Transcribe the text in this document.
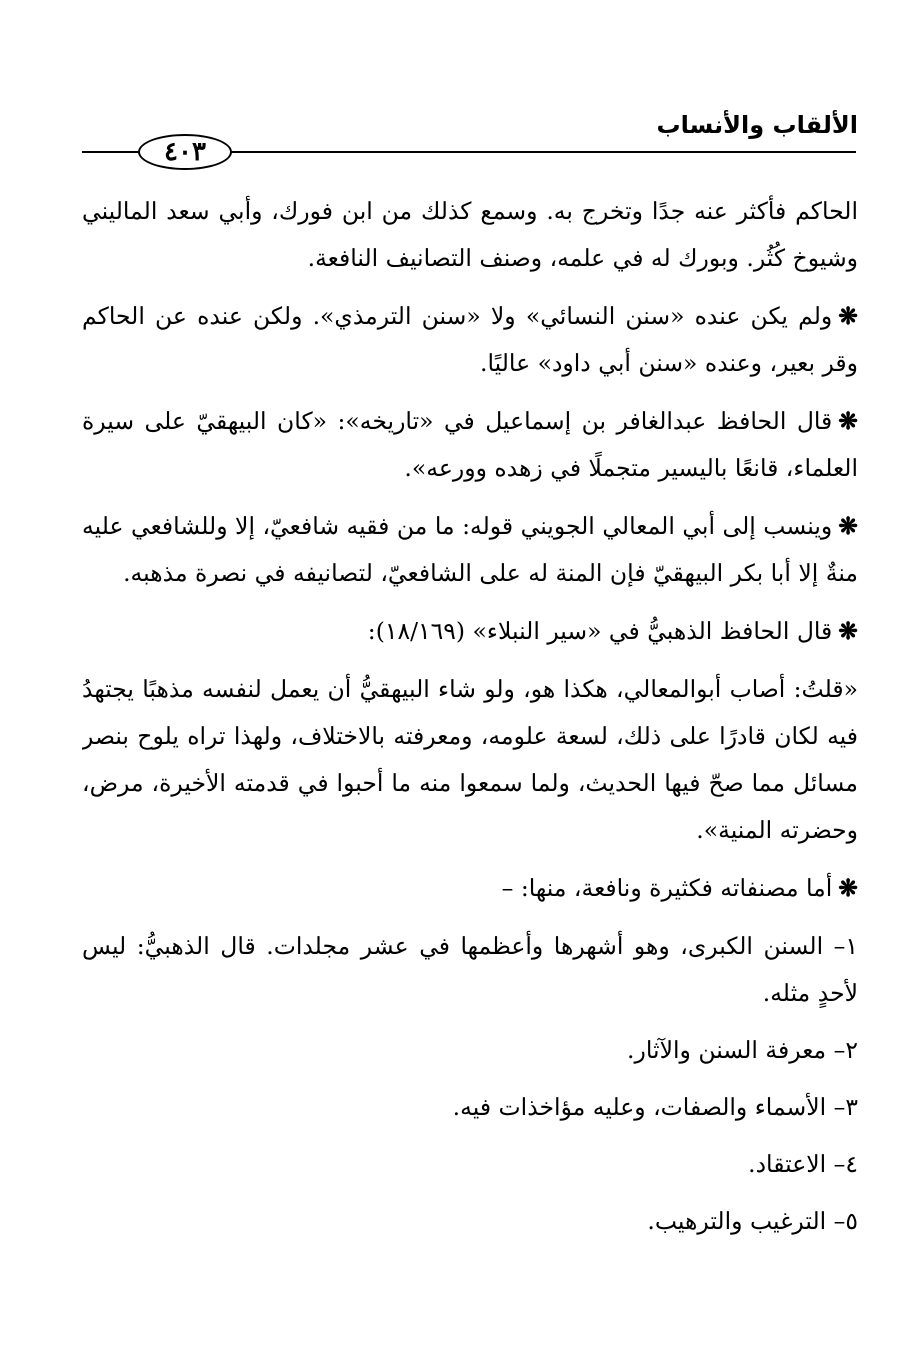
الألقاب والأنساب
٤٠٣

الحاكم فأكثر عنه جدًا وتخرج به. وسمع كذلك من ابن فورك، وأبي سعد الماليني وشيوخ كُثُر. وبورك له في علمه، وصنف التصانيف النافعة.

❋ولم يكن عنده «سنن النسائي» ولا «سنن الترمذي». ولكن عنده عن الحاكم وقر بعير، وعنده «سنن أبي داود» عاليًا.

❋قال الحافظ عبدالغافر بن إسماعيل في «تاريخه»: «كان البيهقيّ على سيرة العلماء، قانعًا باليسير متجملًا في زهده وورعه».

❋وينسب إلى أبي المعالي الجويني قوله: ما من فقيه شافعيّ، إلا وللشافعي عليه منةٌ إلا أبا بكر البيهقيّ فإن المنة له على الشافعيّ، لتصانيفه في نصرة مذهبه.

❋قال الحافظ الذهبيُّ في «سير النبلاء» (١٨/١٦٩):

«قلتُ: أصاب أبوالمعالي، هكذا هو، ولو شاء البيهقيُّ أن يعمل لنفسه مذهبًا يجتهدُ فيه لكان قادرًا على ذلك، لسعة علومه، ومعرفته بالاختلاف، ولهذا تراه يلوح بنصر مسائل مما صحّ فيها الحديث، ولما سمعوا منه ما أحبوا في قدمته الأخيرة، مرض، وحضرته المنية».

❋أما مصنفاته فكثيرة ونافعة، منها: –

١– السنن الكبرى، وهو أشهرها وأعظمها في عشر مجلدات. قال الذهبيُّ: ليس لأحدٍ مثله.

٢– معرفة السنن والآثار.

٣– الأسماء والصفات، وعليه مؤاخذات فيه.

٤– الاعتقاد.

٥– الترغيب والترهيب.
